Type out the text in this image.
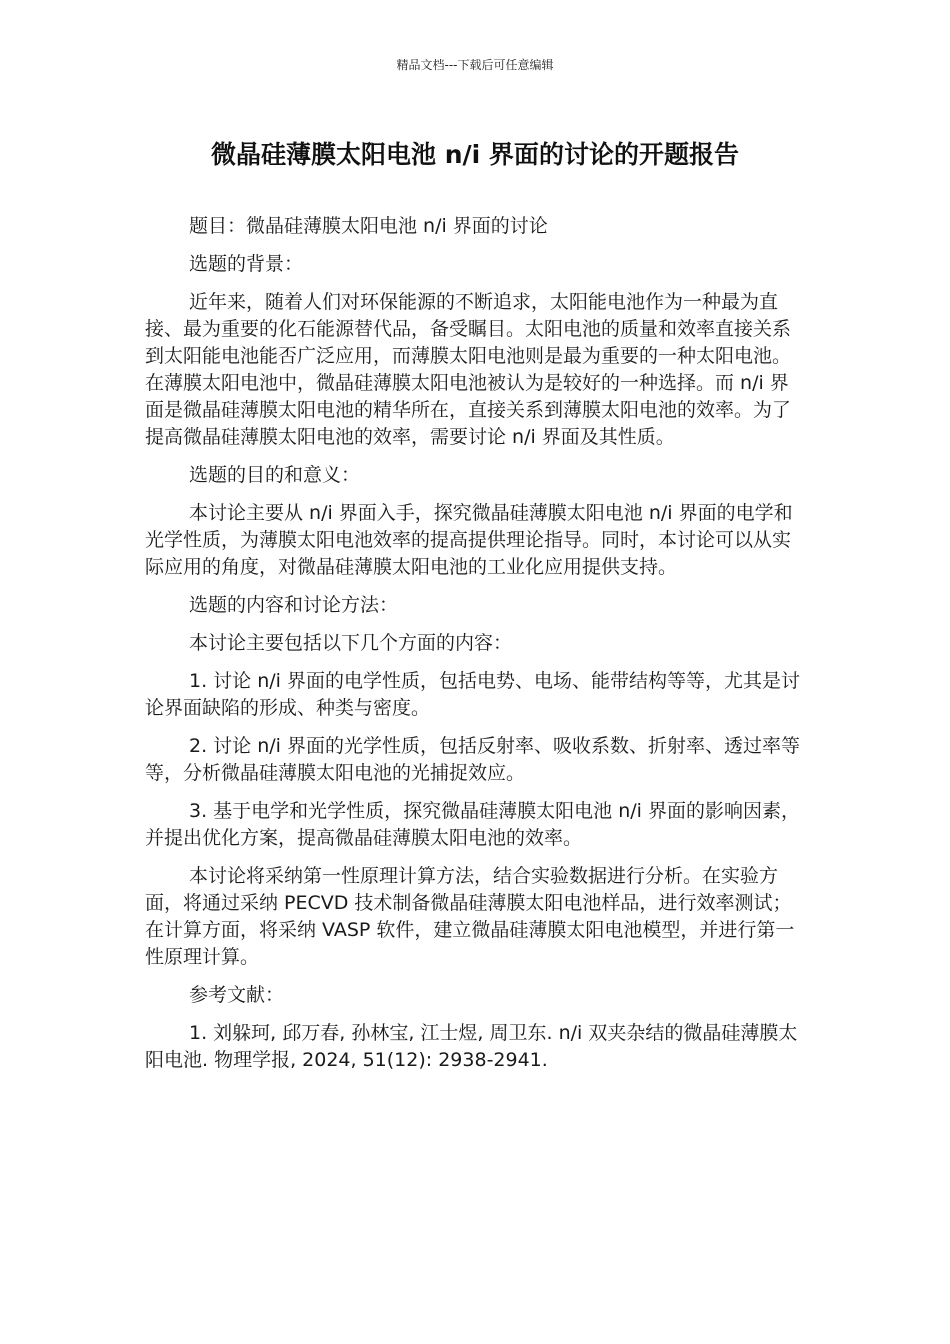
精品文档---下载后可任意编辑
微晶硅薄膜太阳电池 n/i 界面的讨论的开题报告

题目：微晶硅薄膜太阳电池 n/i 界面的讨论

选题的背景：

近年来，随着人们对环保能源的不断追求，太阳能电池作为一种最为直接、最为重要的化石能源替代品，备受瞩目。太阳电池的质量和效率直接关系到太阳能电池能否广泛应用，而薄膜太阳电池则是最为重要的一种太阳电池。在薄膜太阳电池中，微晶硅薄膜太阳电池被认为是较好的一种选择。而 n/i 界面是微晶硅薄膜太阳电池的精华所在，直接关系到薄膜太阳电池的效率。为了提高微晶硅薄膜太阳电池的效率，需要讨论 n/i 界面及其性质。

选题的目的和意义：

本讨论主要从 n/i 界面入手，探究微晶硅薄膜太阳电池 n/i 界面的电学和光学性质，为薄膜太阳电池效率的提高提供理论指导。同时，本讨论可以从实际应用的角度，对微晶硅薄膜太阳电池的工业化应用提供支持。

选题的内容和讨论方法：

本讨论主要包括以下几个方面的内容：

1. 讨论 n/i 界面的电学性质，包括电势、电场、能带结构等等，尤其是讨论界面缺陷的形成、种类与密度。

2. 讨论 n/i 界面的光学性质，包括反射率、吸收系数、折射率、透过率等等，分析微晶硅薄膜太阳电池的光捕捉效应。

3. 基于电学和光学性质，探究微晶硅薄膜太阳电池 n/i 界面的影响因素，并提出优化方案，提高微晶硅薄膜太阳电池的效率。

本讨论将采纳第一性原理计算方法，结合实验数据进行分析。在实验方面，将通过采纳 PECVD 技术制备微晶硅薄膜太阳电池样品，进行效率测试；在计算方面，将采纳 VASP 软件，建立微晶硅薄膜太阳电池模型，并进行第一性原理计算。

参考文献：

1. 刘躲珂, 邱万春, 孙林宝, 江士煜, 周卫东. n/i 双夹杂结的微晶硅薄膜太阳电池. 物理学报, 2024, 51(12): 2938-2941.
